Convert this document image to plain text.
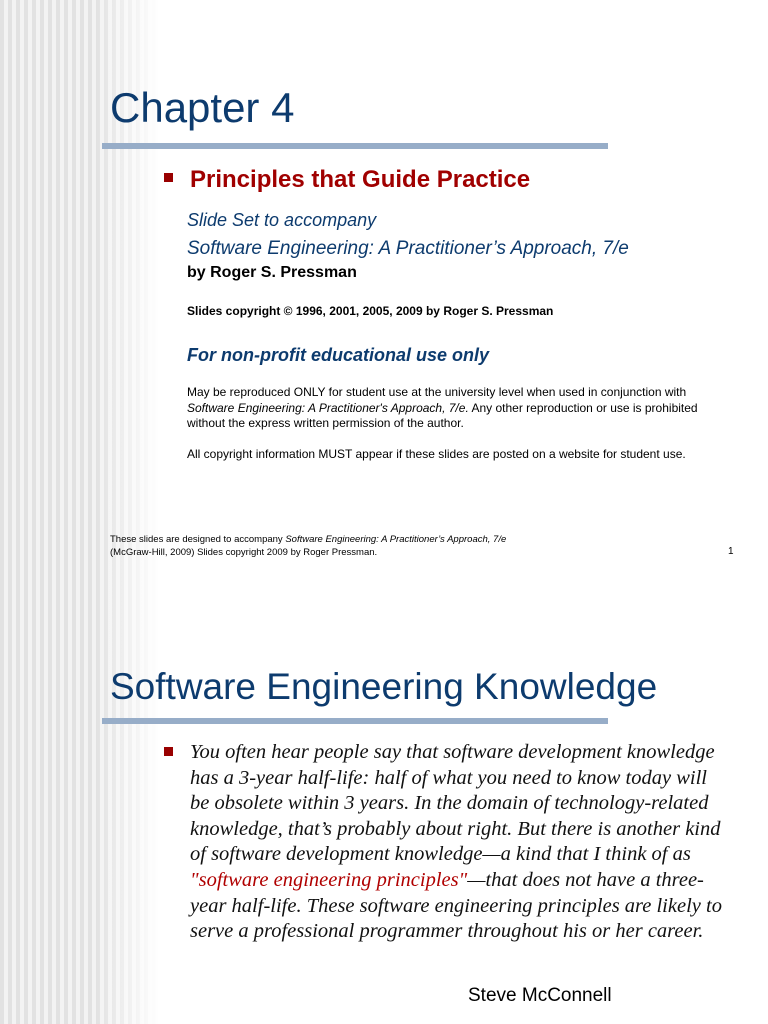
Chapter 4
Principles that Guide Practice
Slide Set to accompany
Software Engineering: A Practitioner’s Approach, 7/e
by Roger S. Pressman
Slides copyright © 1996, 2001, 2005, 2009 by Roger S. Pressman
For non-profit educational use only
May be reproduced ONLY for student use at the university level when used in conjunction with Software Engineering: A Practitioner's Approach, 7/e. Any other reproduction or use is prohibited without the express written permission of the author.
All copyright information MUST appear if these slides are posted on a website for student use.
These slides are designed to accompany Software Engineering: A Practitioner’s Approach, 7/e
(McGraw-Hill, 2009) Slides copyright 2009 by Roger Pressman.	1
Software Engineering Knowledge
You often hear people say that software development knowledge has a 3-year half-life: half of what you need to know today will be obsolete within 3 years. In the domain of technology-related knowledge, that’s probably about right. But there is another kind of software development knowledge—a kind that I think of as "software engineering principles"—that does not have a three-year half-life. These software engineering principles are likely to serve a professional programmer throughout his or her career.
Steve McConnell
